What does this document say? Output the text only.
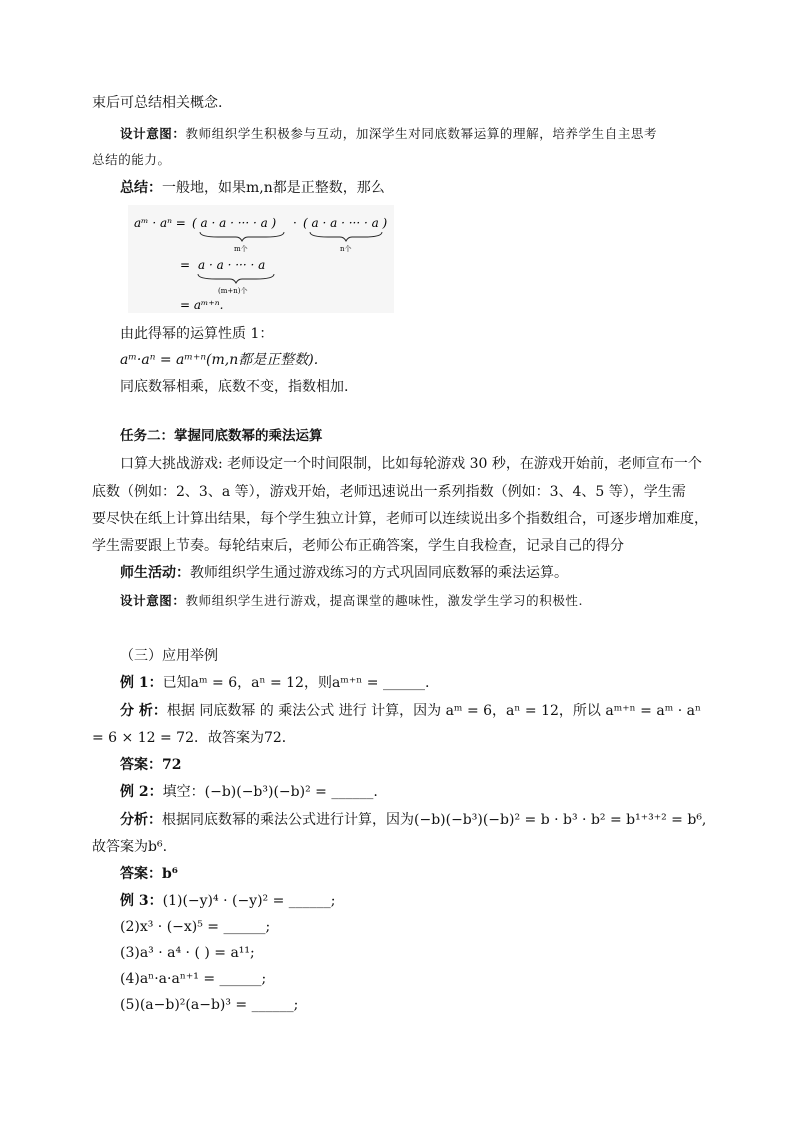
束后可总结相关概念.
设计意图：教师组织学生积极参与互动，加深学生对同底数幂运算的理解，培养学生自主思考
总结的能力。
总结：一般地，如果m,n都是正整数，那么
aᵐ · aⁿ = ( a · a · ··· · a ) · ( a · a · ··· · a )
m个	n个
= a · a · ··· · a
(m+n)个
= aᵐ⁺ⁿ.
由此得幂的运算性质 1：
aᵐ·aⁿ = aᵐ⁺ⁿ(m,n都是正整数).
同底数幂相乘，底数不变，指数相加.
任务二：掌握同底数幂的乘法运算
口算大挑战游戏: 老师设定一个时间限制，比如每轮游戏 30 秒，在游戏开始前，老师宣布一个
底数（例如：2、3、a 等），游戏开始，老师迅速说出一系列指数（例如：3、4、5 等），学生需
要尽快在纸上计算出结果，每个学生独立计算，老师可以连续说出多个指数组合，可逐步增加难度，
学生需要跟上节奏。每轮结束后，老师公布正确答案，学生自我检查，记录自己的得分
师生活动：教师组织学生通过游戏练习的方式巩固同底数幂的乘法运算。
设计意图：教师组织学生进行游戏，提高课堂的趣味性，激发学生学习的积极性.
（三）应用举例
例 1：已知aᵐ = 6，aⁿ = 12，则aᵐ⁺ⁿ = ______.
分 析：根据 同底数幂 的 乘法公式 进行 计算，因为 aᵐ = 6，aⁿ = 12，所以 aᵐ⁺ⁿ = aᵐ · aⁿ
= 6 × 12 = 72．故答案为72．
答案：72
例 2：填空：(−b)(−b³)(−b)² = ______.
分析：根据同底数幂的乘法公式进行计算，因为(−b)(−b³)(−b)² = b · b³ · b² = b¹⁺³⁺² = b⁶,
故答案为b⁶.
答案：b⁶
例 3：(1)(−y)⁴ · (−y)² = ______;
(2)x³ · (−x)⁵ = ______;
(3)a³ · a⁴ · ( ) = a¹¹;
(4)aⁿ·a·aⁿ⁺¹ = ______;
(5)(a−b)²(a−b)³ = ______;
